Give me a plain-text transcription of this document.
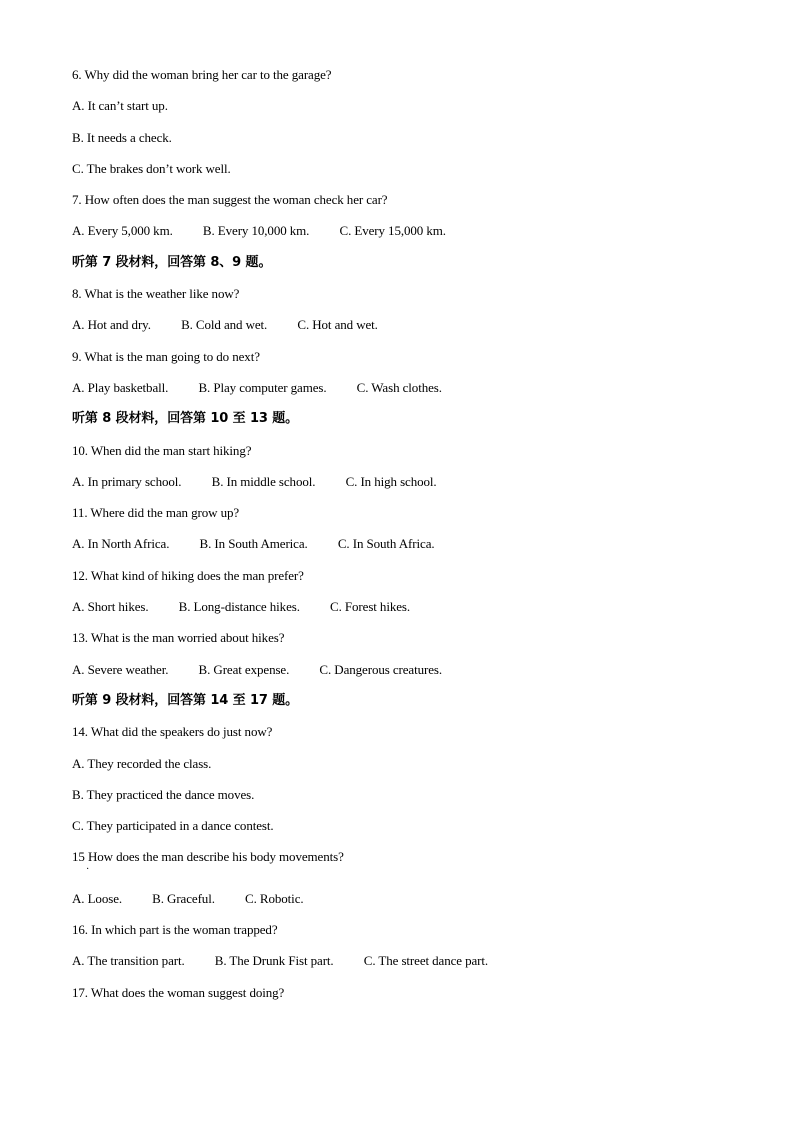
6. Why did the woman bring her car to the garage?
A. It can’t start up.
B. It needs a check.
C. The brakes don’t work well.
7. How often does the man suggest the woman check her car?
A. Every 5,000 km. B. Every 10,000 km. C. Every 15,000 km.
听第 7 段材料，回答第 8、9 题。
8. What is the weather like now?
A. Hot and dry. B. Cold and wet. C. Hot and wet.
9. What is the man going to do next?
A. Play basketball. B. Play computer games. C. Wash clothes.
听第 8 段材料，回答第 10 至 13 题。
10. When did the man start hiking?
A. In primary school. B. In middle school. C. In high school.
11. Where did the man grow up?
A. In North Africa. B. In South America. C. In South Africa.
12. What kind of hiking does the man prefer?
A. Short hikes. B. Long-distance hikes. C. Forest hikes.
13. What is the man worried about hikes?
A. Severe weather. B. Great expense. C. Dangerous creatures.
听第 9 段材料，回答第 14 至 17 题。
14. What did the speakers do just now?
A. They recorded the class.
B. They practiced the dance moves.
C. They participated in a dance contest.
15 How does the man describe his body movements?
·
A. Loose. B. Graceful. C. Robotic.
16. In which part is the woman trapped?
A. The transition part. B. The Drunk Fist part. C. The street dance part.
17. What does the woman suggest doing?
